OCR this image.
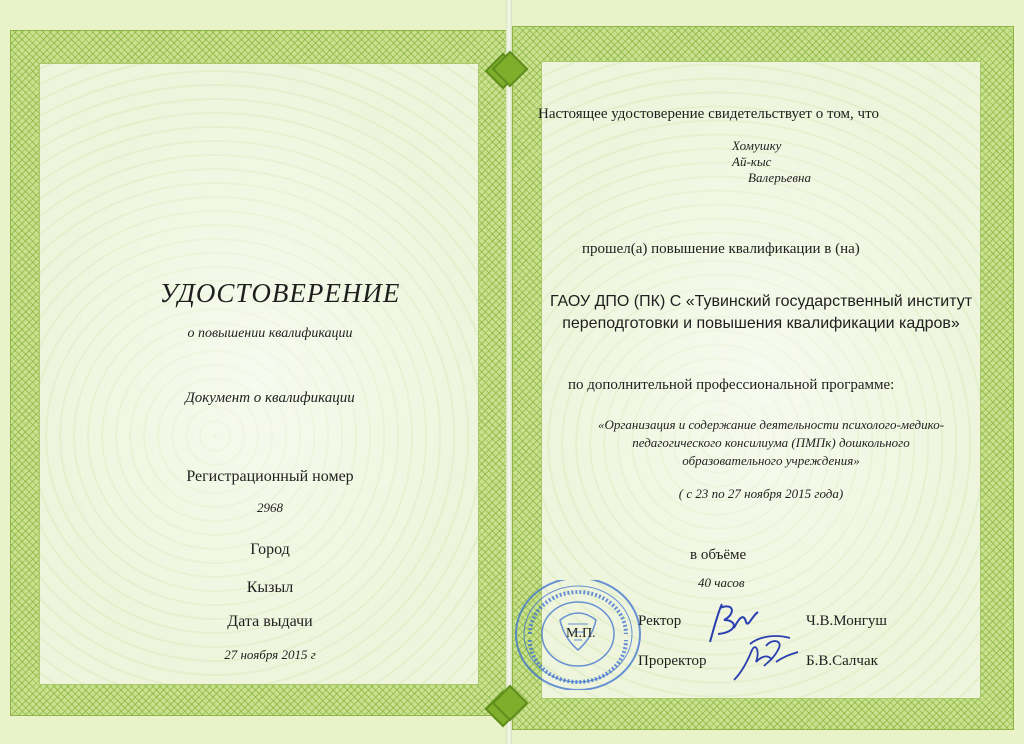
УДОСТОВЕРЕНИЕ
о повышении квалификации
Документ о квалификации
Регистрационный номер
2968
Город
Кызыл
Дата выдачи
27 ноября 2015 г
Настоящее удостоверение свидетельствует о том, что
Хомушку
Ай-кыс
Валерьевна
прошел(а) повышение квалификации в (на)
ГАОУ ДПО (ПК) С «Тувинский государственный институт
переподготовки и повышения квалификации кадров»
по дополнительной профессиональной программе:
«Организация и содержание деятельности психолого-медико-
педагогического консилиума (ПМПк) дошкольного
образовательного учреждения»
( с 23 по 27 ноября 2015 года)
в объёме
40 часов
М.П.
Ректор	Ч.В.Монгуш
Проректор	Б.В.Салчак
